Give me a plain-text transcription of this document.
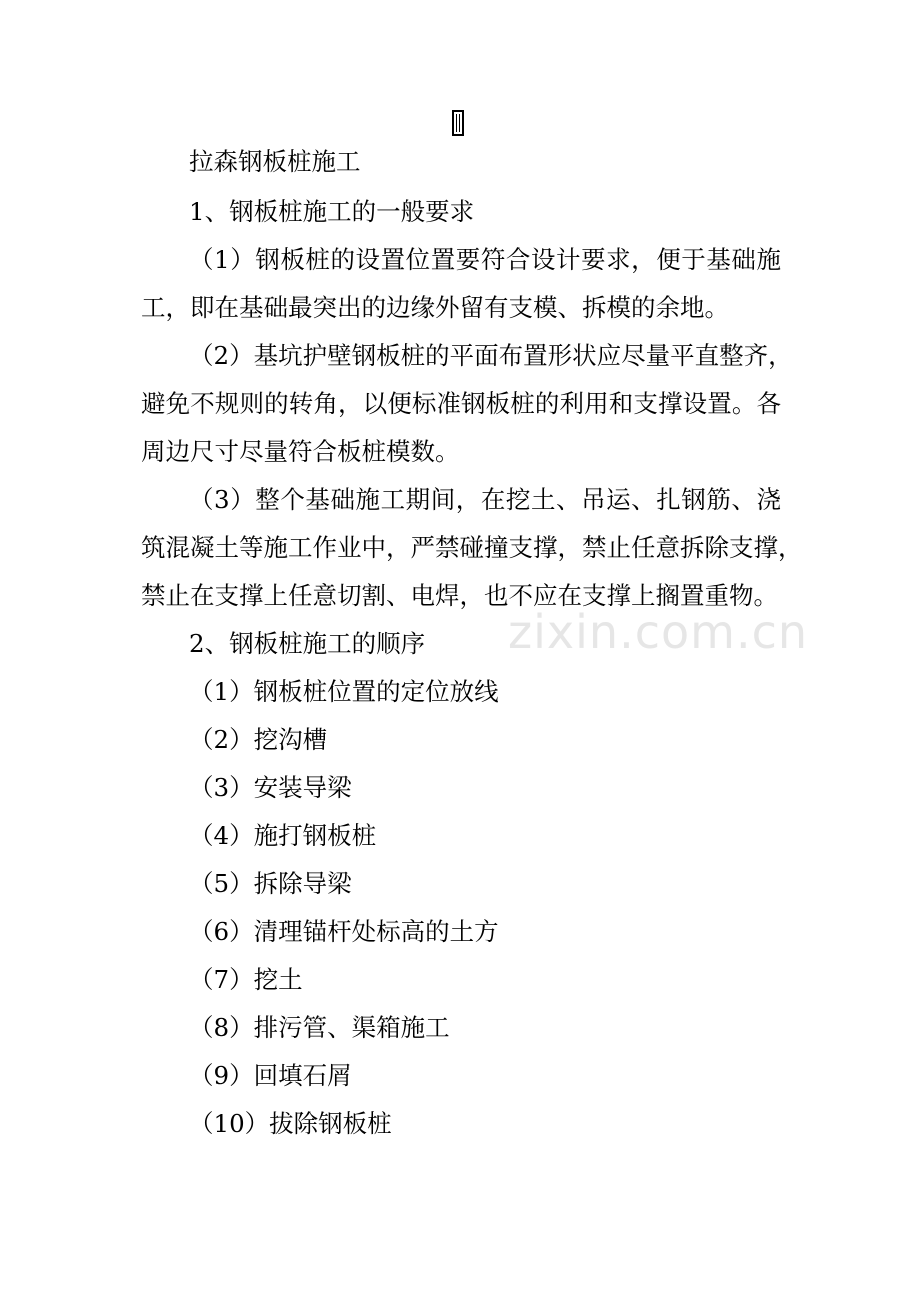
zixin.com.cn
拉森钢板桩施工
1、钢板桩施工的一般要求
（1）钢板桩的设置位置要符合设计要求，便于基础施
工，即在基础最突出的边缘外留有支模、拆模的余地。
（2）基坑护壁钢板桩的平面布置形状应尽量平直整齐，
避免不规则的转角，以便标准钢板桩的利用和支撑设置。各
周边尺寸尽量符合板桩模数。
（3）整个基础施工期间，在挖土、吊运、扎钢筋、浇
筑混凝土等施工作业中，严禁碰撞支撑，禁止任意拆除支撑，
禁止在支撑上任意切割、电焊，也不应在支撑上搁置重物。
2、钢板桩施工的顺序
（1）钢板桩位置的定位放线
（2）挖沟槽
（3）安装导梁
（4）施打钢板桩
（5）拆除导梁
（6）清理锚杆处标高的土方
（7）挖土
（8）排污管、渠箱施工
（9）回填石屑
（10）拔除钢板桩
